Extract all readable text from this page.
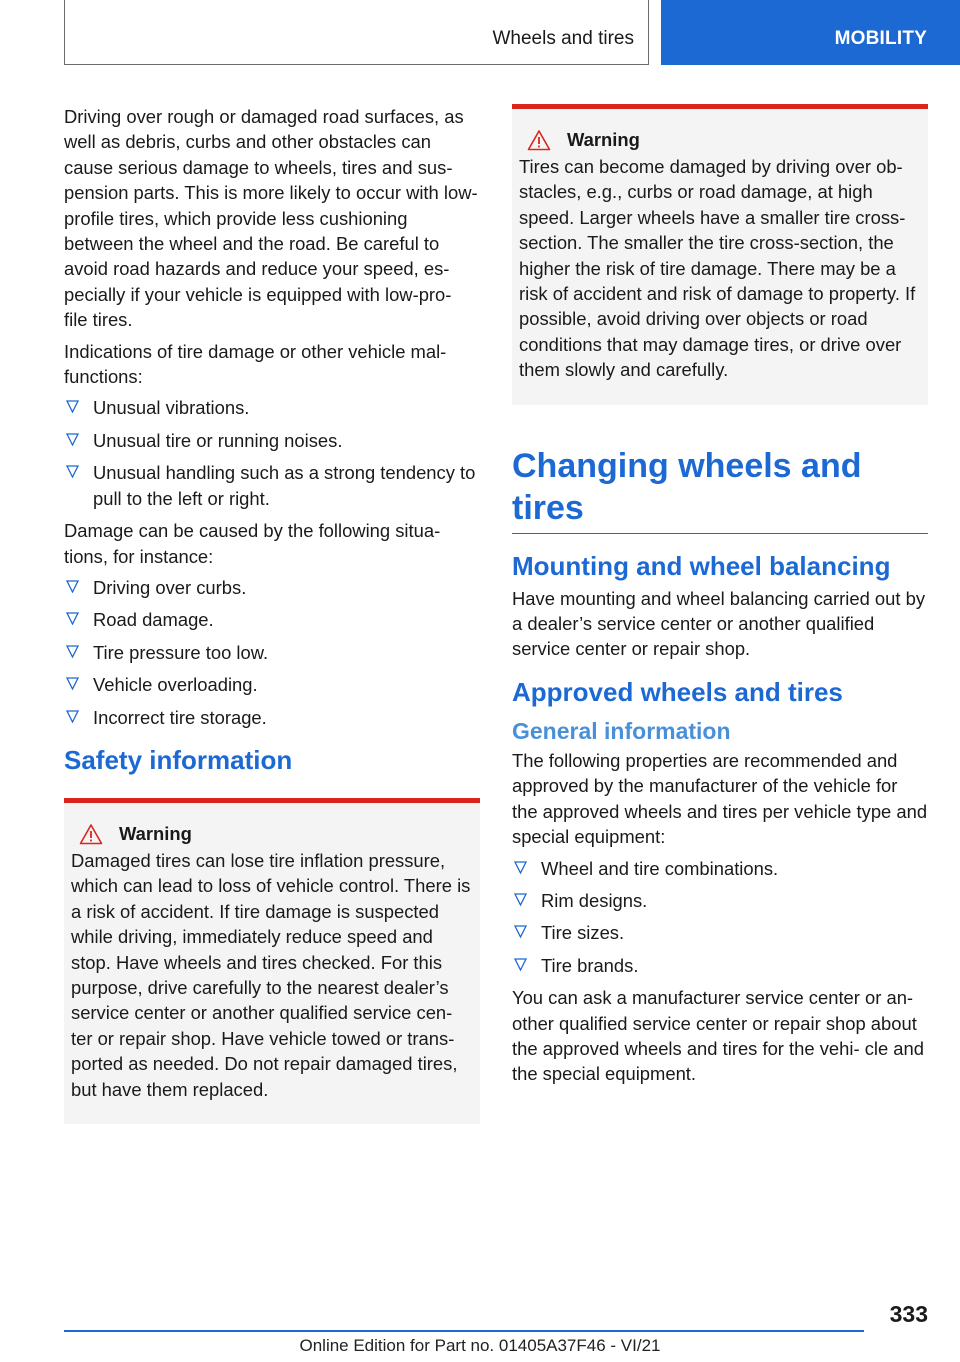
Wheels and tires	MOBILITY

Driving over rough or damaged road surfaces, as well as debris, curbs and other obstacles can cause serious damage to wheels, tires and sus- pension parts. This is more likely to occur with low-profile tires, which provide less cushioning between the wheel and the road. Be careful to avoid road hazards and reduce your speed, es- pecially if your vehicle is equipped with low-pro- file tires.

Indications of tire damage or other vehicle mal- functions:

Unusual vibrations.
Unusual tire or running noises.
Unusual handling such as a strong tendency to pull to the left or right.

Damage can be caused by the following situa- tions, for instance:

Driving over curbs.
Road damage.
Tire pressure too low.
Vehicle overloading.
Incorrect tire storage.
Safety information
Warning

Damaged tires can lose tire inflation pressure, which can lead to loss of vehicle control. There is a risk of accident. If tire damage is suspected while driving, immediately reduce speed and stop. Have wheels and tires checked. For this purpose, drive carefully to the nearest dealer’s service center or another qualified service cen- ter or repair shop. Have vehicle towed or trans- ported as needed. Do not repair damaged tires, but have them replaced.

Warning

Tires can become damaged by driving over ob- stacles, e.g., curbs or road damage, at high speed. Larger wheels have a smaller tire cross- section. The smaller the tire cross-section, the higher the risk of tire damage. There may be a risk of accident and risk of damage to property. If possible, avoid driving over objects or road conditions that may damage tires, or drive over them slowly and carefully.

Changing wheels and tires
Mounting and wheel balancing

Have mounting and wheel balancing carried out by a dealer’s service center or another qualified service center or repair shop.

Approved wheels and tires
General information

The following properties are recommended and approved by the manufacturer of the vehicle for the approved wheels and tires per vehicle type and special equipment:

Wheel and tire combinations.
Rim designs.
Tire sizes.
Tire brands.

You can ask a manufacturer service center or an- other qualified service center or repair shop about the approved wheels and tires for the vehi- cle and the special equipment.

333
Online Edition for Part no. 01405A37F46 - VI/21
